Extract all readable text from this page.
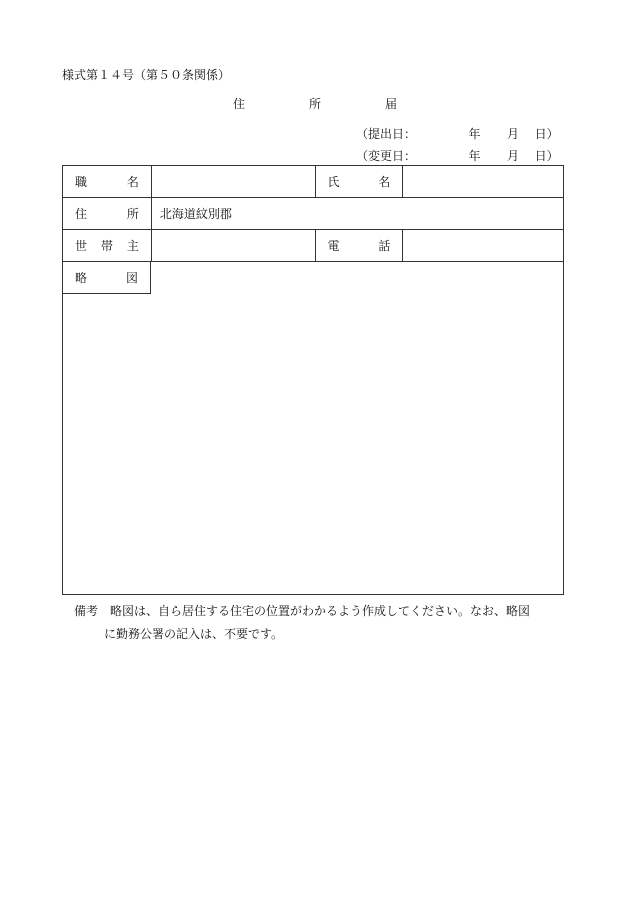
様式第１４号（第５０条関係）
住	所	届
（提出日：	年	月	日）
（変更日：	年	月	日）
職 名		氏 名	

住 所	北海道紋別郡		

世 帯 主		電 話	

略	図
備考　略図は、自ら居住する住宅の位置がわかるよう作成してください。なお、略図
に勤務公署の記入は、不要です。
